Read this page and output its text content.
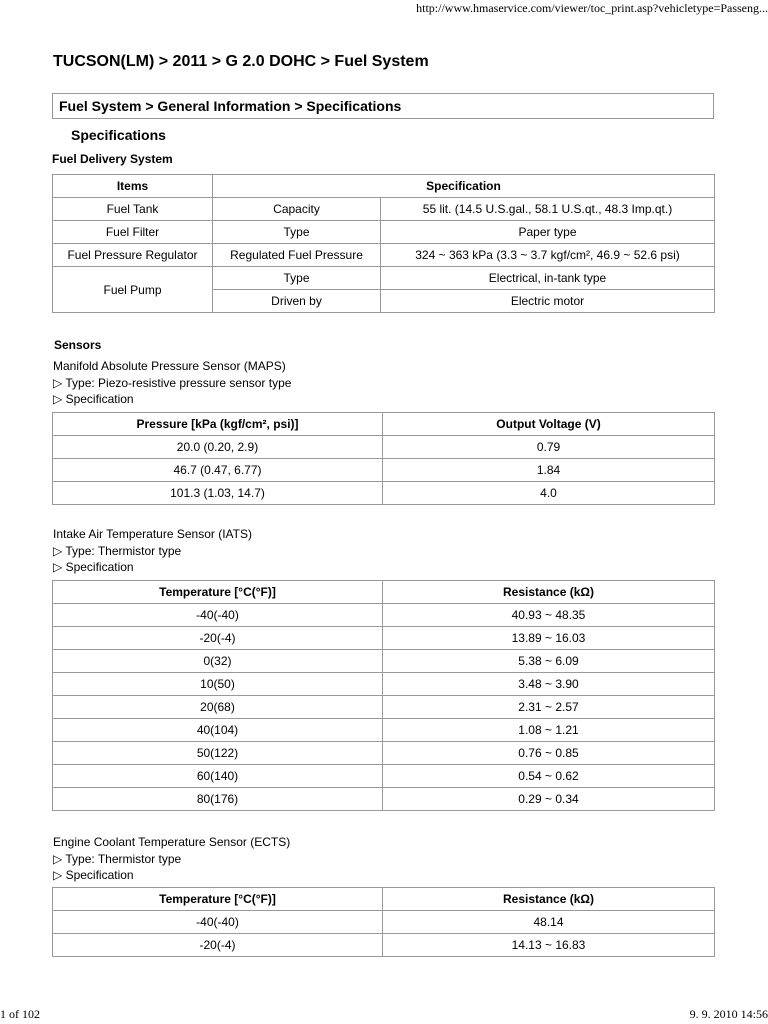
http://www.hmaservice.com/viewer/toc_print.asp?vehicletype=Passeng...
TUCSON(LM) > 2011 > G 2.0 DOHC > Fuel System
Fuel System > General Information > Specifications
Specifications
Fuel Delivery System
Items	Specification	
Fuel Tank	Capacity	55 lit. (14.5 U.S.gal., 58.1 U.S.qt., 48.3 Imp.qt.)
Fuel Filter	Type	Paper type
Fuel Pressure Regulator	Regulated Fuel Pressure	324 ~ 363 kPa (3.3 ~ 3.7 kgf/cm², 46.9 ~ 52.6 psi)
Fuel Pump	Type	Electrical, in-tank type
	Driven by	Electric motor
Sensors
Manifold Absolute Pressure Sensor (MAPS)
▷ Type: Piezo-resistive pressure sensor type
▷ Specification
Pressure [kPa (kgf/cm², psi)]	Output Voltage (V)
20.0 (0.20, 2.9)	0.79
46.7 (0.47, 6.77)	1.84
101.3 (1.03, 14.7)	4.0
Intake Air Temperature Sensor (IATS)
▷ Type: Thermistor type
▷ Specification
Temperature [°C(°F)]	Resistance (kΩ)
-40(-40)	40.93 ~ 48.35
-20(-4)	13.89 ~ 16.03
0(32)	5.38 ~ 6.09
10(50)	3.48 ~ 3.90
20(68)	2.31 ~ 2.57
40(104)	1.08 ~ 1.21
50(122)	0.76 ~ 0.85
60(140)	0.54 ~ 0.62
80(176)	0.29 ~ 0.34
Engine Coolant Temperature Sensor (ECTS)
▷ Type: Thermistor type
▷ Specification
Temperature [°C(°F)]	Resistance (kΩ)
-40(-40)	48.14
-20(-4)	14.13 ~ 16.83
1 of 102	9. 9. 2010 14:56
